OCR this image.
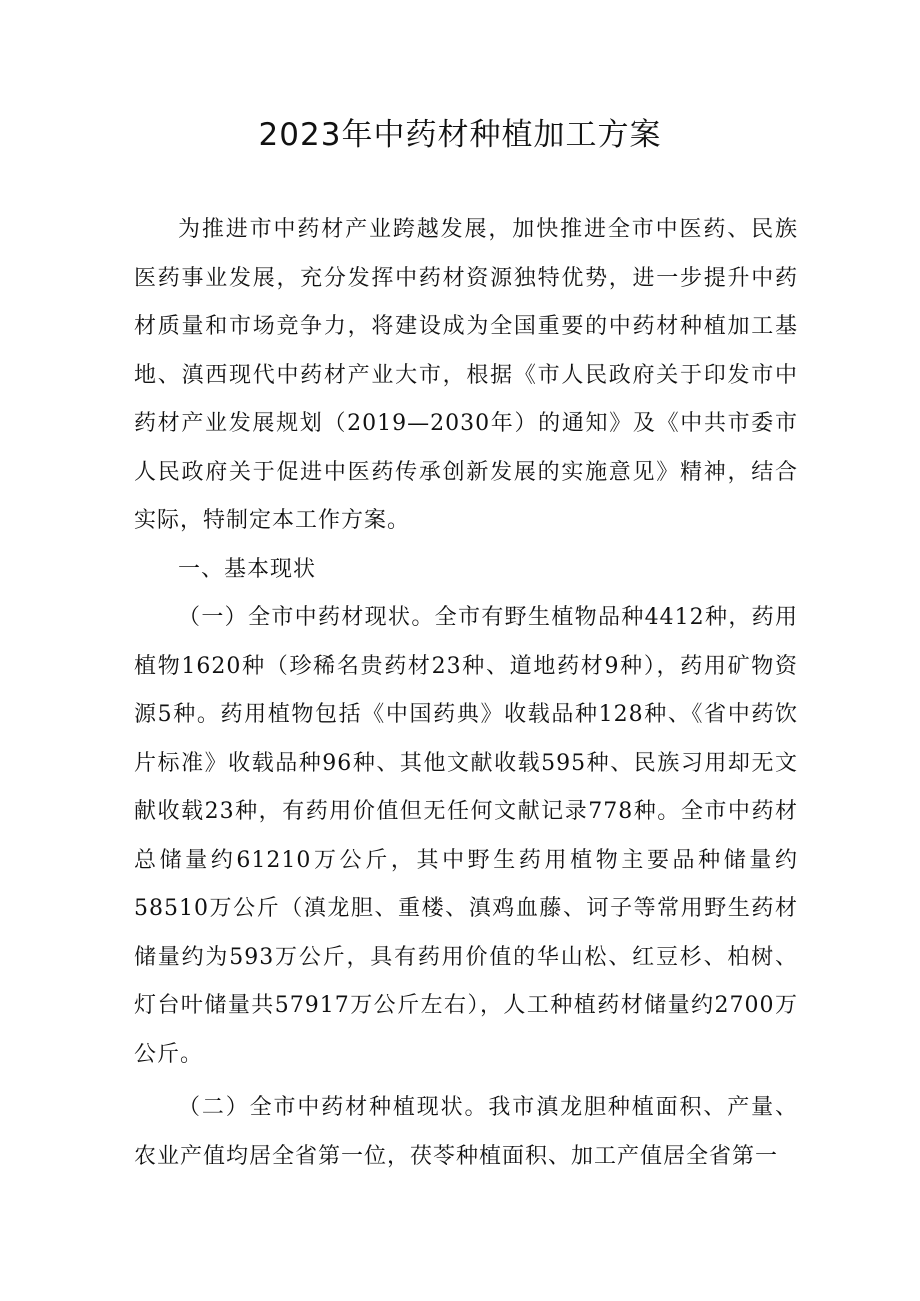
2023年中药材种植加工方案

为推进市中药材产业跨越发展，加快推进全市中医药、民族医药事业发展，充分发挥中药材资源独特优势，进一步提升中药材质量和市场竞争力，将建设成为全国重要的中药材种植加工基地、滇西现代中药材产业大市，根据《市人民政府关于印发市中药材产业发展规划（2019—2030年）的通知》及《中共市委市人民政府关于促进中医药传承创新发展的实施意见》精神，结合实际，特制定本工作方案。

一、基本现状

（一）全市中药材现状。全市有野生植物品种4412种，药用植物1620种（珍稀名贵药材23种、道地药材9种），药用矿物资源5种。药用植物包括《中国药典》收载品种128种、《省中药饮片标准》收载品种96种、其他文献收载595种、民族习用却无文献收载23种，有药用价值但无任何文献记录778种。全市中药材总储量约61210万公斤，其中野生药用植物主要品种储量约58510万公斤（滇龙胆、重楼、滇鸡血藤、诃子等常用野生药材储量约为593万公斤，具有药用价值的华山松、红豆杉、柏树、灯台叶储量共57917万公斤左右），人工种植药材储量约2700万公斤。

（二）全市中药材种植现状。我市滇龙胆种植面积、产量、农业产值均居全省第一位，茯苓种植面积、加工产值居全省第一
